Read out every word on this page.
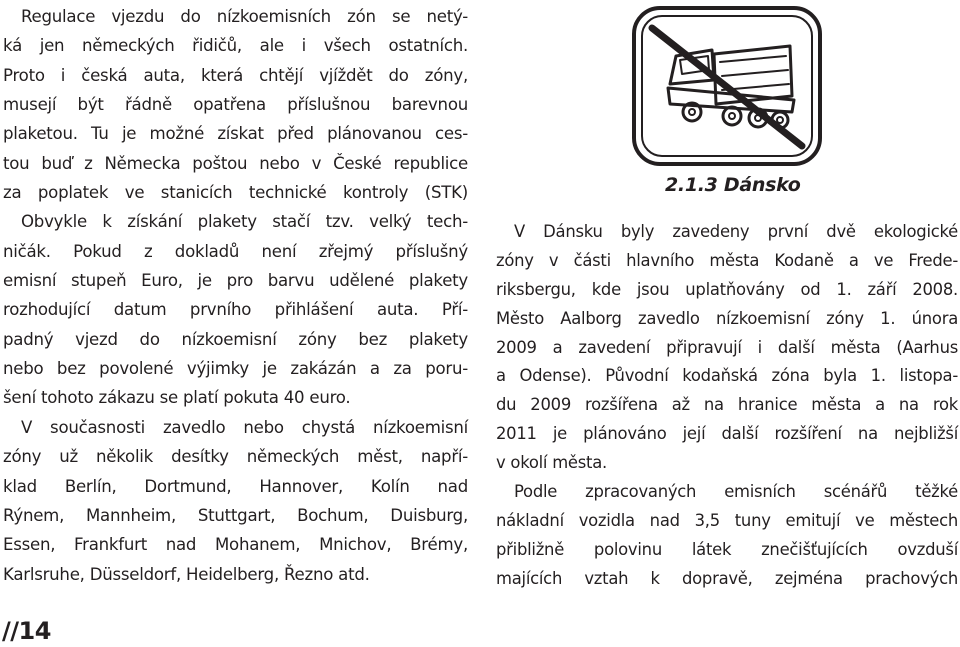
Regulace vjezdu do nízkoemisních zón se netý-
ká jen německých řidičů, ale i všech ostatních.
Proto i česká auta, která chtějí vjíždět do zóny,
musejí být řádně opatřena příslušnou barevnou
plaketou. Tu je možné získat před plánovanou ces-
tou buď z Německa poštou nebo v České republice
za poplatek ve stanicích technické kontroly (STK)
Obvykle k získání plakety stačí tzv. velký tech-
ničák. Pokud z dokladů není zřejmý příslušný
emisní stupeň Euro, je pro barvu udělené plakety
rozhodující datum prvního přihlášení auta. Pří-
padný vjezd do nízkoemisní zóny bez plakety
nebo bez povolené výjimky je zakázán a za poru-
šení tohoto zákazu se platí pokuta 40 euro.
V současnosti zavedlo nebo chystá nízkoemisní
zóny už několik desítky německých měst, napří-
klad Berlín, Dortmund, Hannover, Kolín nad
Rýnem, Mannheim, Stuttgart, Bochum, Duisburg,
Essen, Frankfurt nad Mohanem, Mnichov, Brémy,
Karlsruhe, Düsseldorf, Heidelberg, Řezno atd.
2.1.3 Dánsko
V Dánsku byly zavedeny první dvě ekologické
zóny v části hlavního města Kodaně a ve Frede-
riksbergu, kde jsou uplatňovány od 1. září 2008.
Město Aalborg zavedlo nízkoemisní zóny 1. února
2009 a zavedení připravují i další města (Aarhus
a Odense). Původní kodaňská zóna byla 1. listopa-
du 2009 rozšířena až na hranice města a na rok
2011 je plánováno její další rozšíření na nejbližší
v okolí města.
Podle zpracovaných emisních scénářů těžké
nákladní vozidla nad 3,5 tuny emitují ve městech
přibližně polovinu látek znečišťujících ovzduší
majících vztah k dopravě, zejména prachových
//14
